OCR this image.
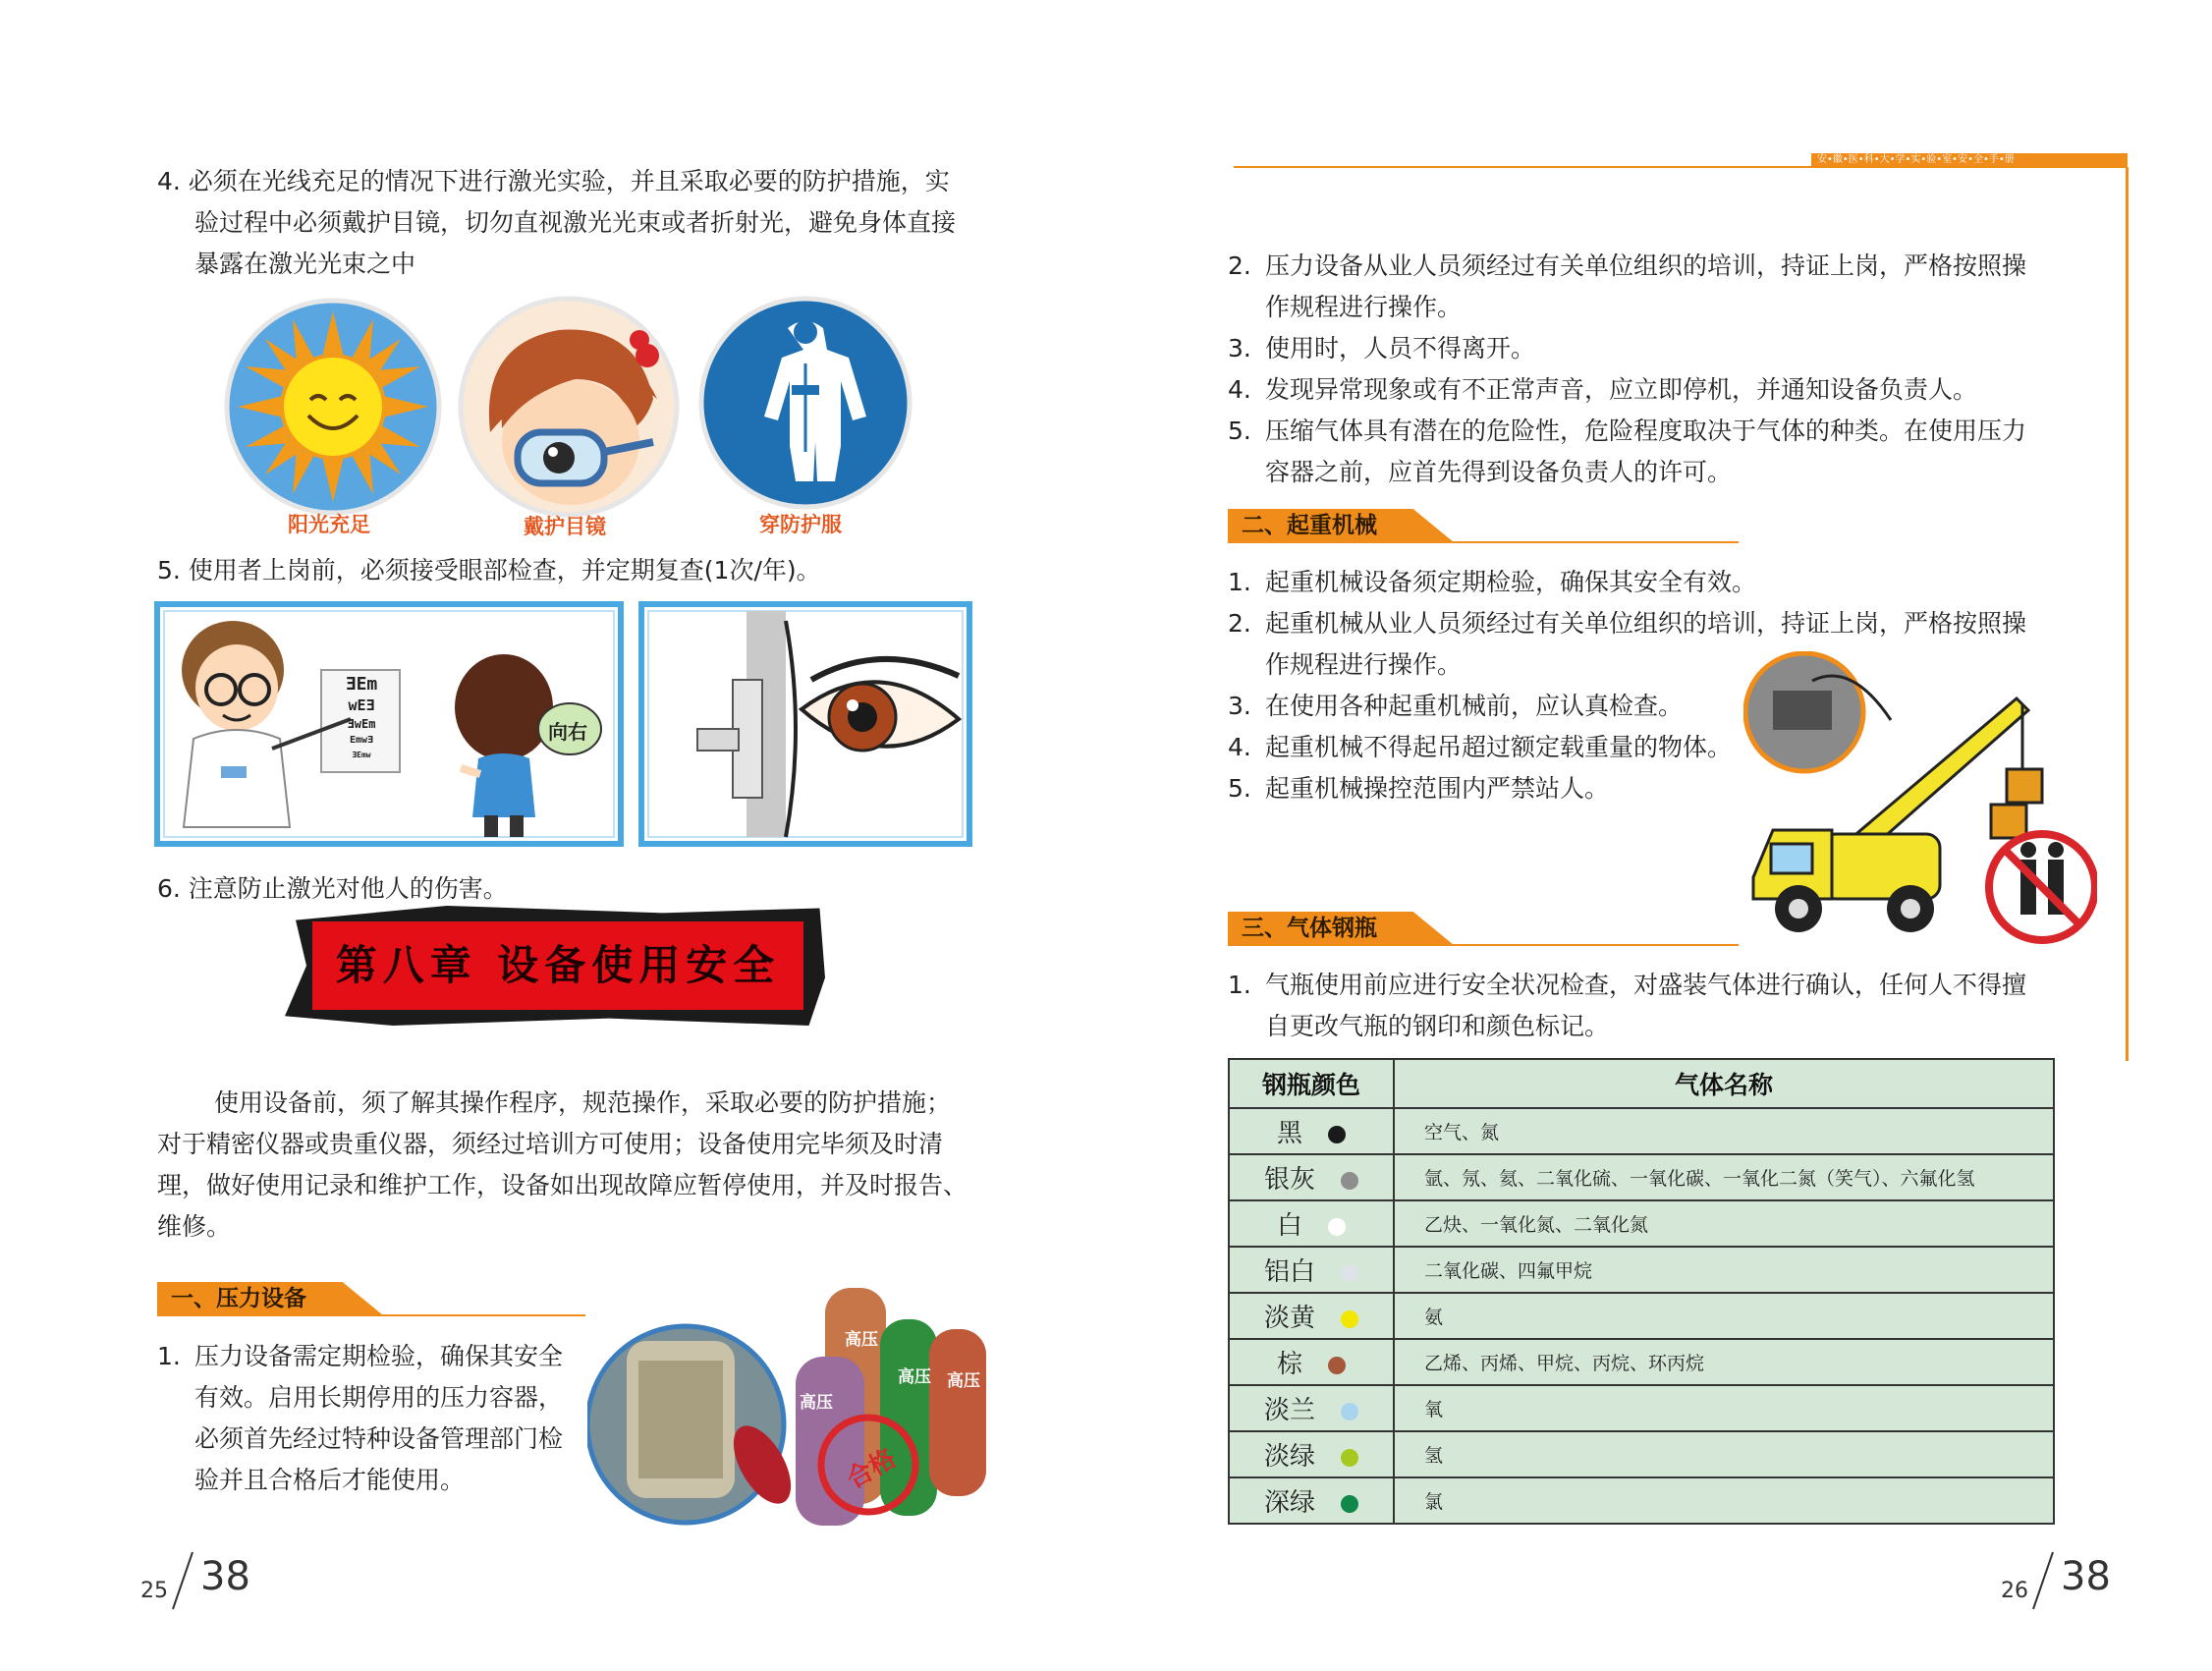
4. 必须在光线充足的情况下进行激光实验，并且采取必要的防护措施，实
验过程中必须戴护目镜，切勿直视激光光束或者折射光，避免身体直接
暴露在激光光束之中
阳光充足	戴护目镜	穿防护服
5. 使用者上岗前，必须接受眼部检查，并定期复查(1次/年)。
ƎEm
wEƎ
ƎwEm
EmwƎ
ƎEmw
向右
6. 注意防止激光对他人的伤害。
第八章 设备使用安全
使用设备前，须了解其操作程序，规范操作，采取必要的防护措施；
对于精密仪器或贵重仪器，须经过培训方可使用；设备使用完毕须及时清
理，做好使用记录和维护工作，设备如出现故障应暂停使用，并及时报告、
维修。
一、压力设备
1. 压力设备需定期检验，确保其安全
有效。启用长期停用的压力容器，
必须首先经过特种设备管理部门检
验并且合格后才能使用。
高压
高压
高压 高压
合格
25 38
安•徽•医•科•大•学•实•验•室•安•全•手•册
2. 压力设备从业人员须经过有关单位组织的培训，持证上岗，严格按照操
作规程进行操作。
3. 使用时，人员不得离开。
4. 发现异常现象或有不正常声音，应立即停机，并通知设备负责人。
5. 压缩气体具有潜在的危险性，危险程度取决于气体的种类。在使用压力
容器之前，应首先得到设备负责人的许可。
二、起重机械
1. 起重机械设备须定期检验，确保其安全有效。
2. 起重机械从业人员须经过有关单位组织的培训，持证上岗，严格按照操
作规程进行操作。
3. 在使用各种起重机械前，应认真检查。
4. 起重机械不得起吊超过额定载重量的物体。
5. 起重机械操控范围内严禁站人。
三、气体钢瓶
1. 气瓶使用前应进行安全状况检查，对盛装气体进行确认，任何人不得擅
自更改气瓶的钢印和颜色标记。
钢瓶颜色	气体名称
黑	空气、氮
银灰	氩、氖、氦、二氧化硫、一氧化碳、一氧化二氮（笑气）、六氟化氢
白	乙炔、一氧化氮、二氧化氮
铝白	二氧化碳、四氟甲烷
淡黄	氨
棕	乙烯、丙烯、甲烷、丙烷、环丙烷
淡兰	氧
淡绿	氢
深绿	氯
26 38
